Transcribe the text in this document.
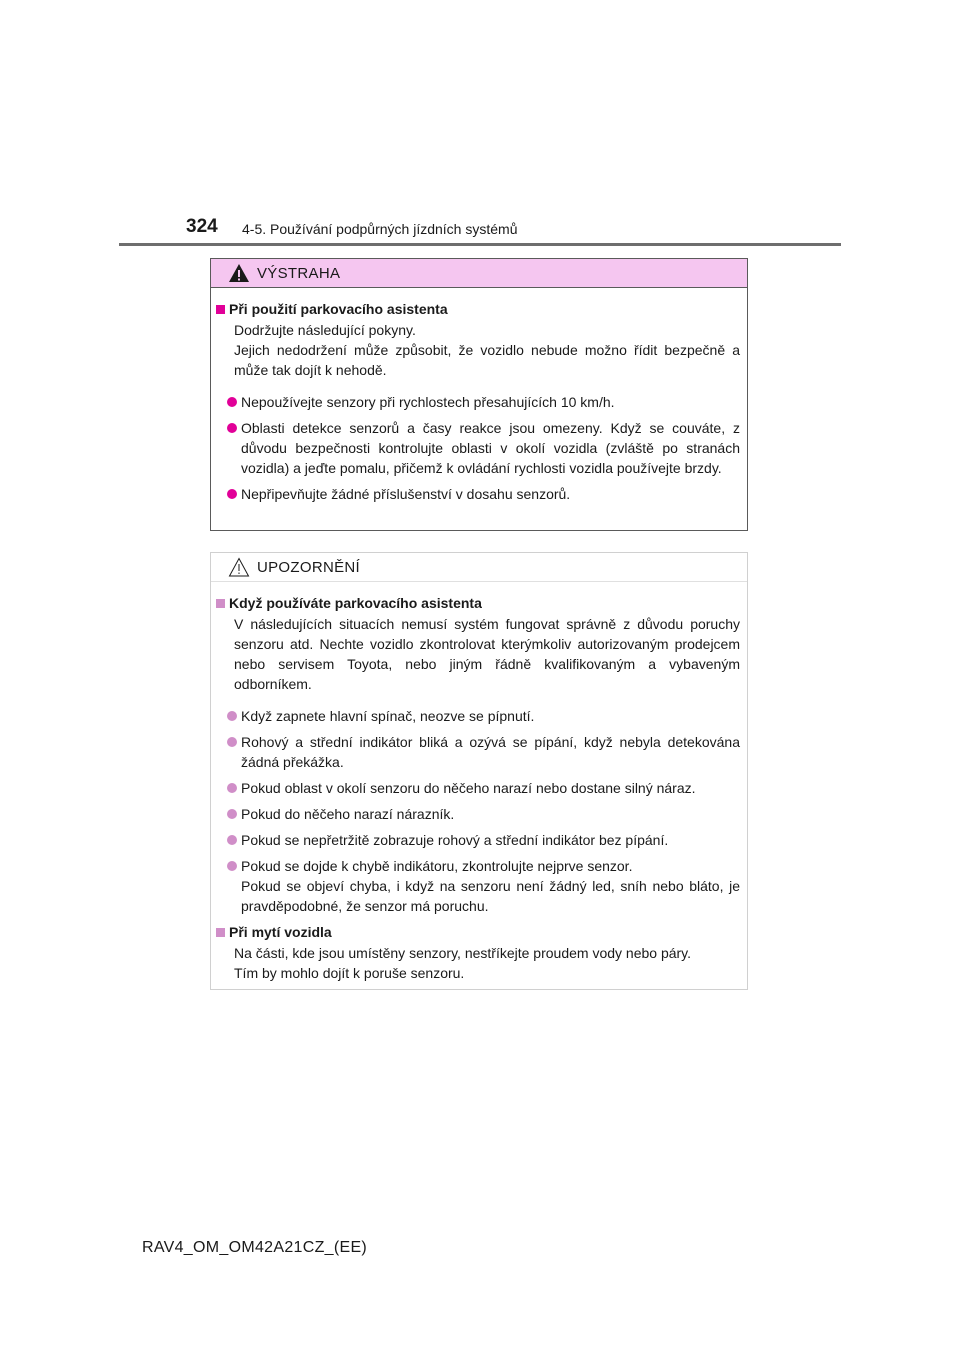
324 4-5. Používání podpůrných jízdních systémů
VÝSTRAHA
Při použití parkovacího asistenta

Dodržujte následující pokyny.

Jejich nedodržení může způsobit, že vozidlo nebude možno řídit bezpečně a může tak dojít k nehodě.

Nepoužívejte senzory při rychlostech přesahujících 10 km/h.
Oblasti detekce senzorů a časy reakce jsou omezeny. Když se couváte, z důvodu bezpečnosti kontrolujte oblasti v okolí vozidla (zvláště po stranách vozidla) a jeďte pomalu, přičemž k ovládání rychlosti vozidla používejte brzdy.
Nepřipevňujte žádné příslušenství v dosahu senzorů.
UPOZORNĚNÍ
Když používáte parkovacího asistenta

V následujících situacích nemusí systém fungovat správně z důvodu poruchy senzoru atd. Nechte vozidlo zkontrolovat kterýmkoliv autorizovaným prodejcem nebo servisem Toyota, nebo jiným řádně kvalifikovaným a vybaveným odborníkem.

Když zapnete hlavní spínač, neozve se pípnutí.
Rohový a střední indikátor bliká a ozývá se pípání, když nebyla detekována žádná překážka.
Pokud oblast v okolí senzoru do něčeho narazí nebo dostane silný náraz.
Pokud do něčeho narazí nárazník.
Pokud se nepřetržitě zobrazuje rohový a střední indikátor bez pípání.
Pokud se dojde k chybě indikátoru, zkontrolujte nejprve senzor.
Pokud se objeví chyba, i když na senzoru není žádný led, sníh nebo bláto, je pravděpodobné, že senzor má poruchu.
Při mytí vozidla

Na části, kde jsou umístěny senzory, nestříkejte proudem vody nebo páry.

Tím by mohlo dojít k poruše senzoru.

RAV4_OM_OM42A21CZ_(EE)
